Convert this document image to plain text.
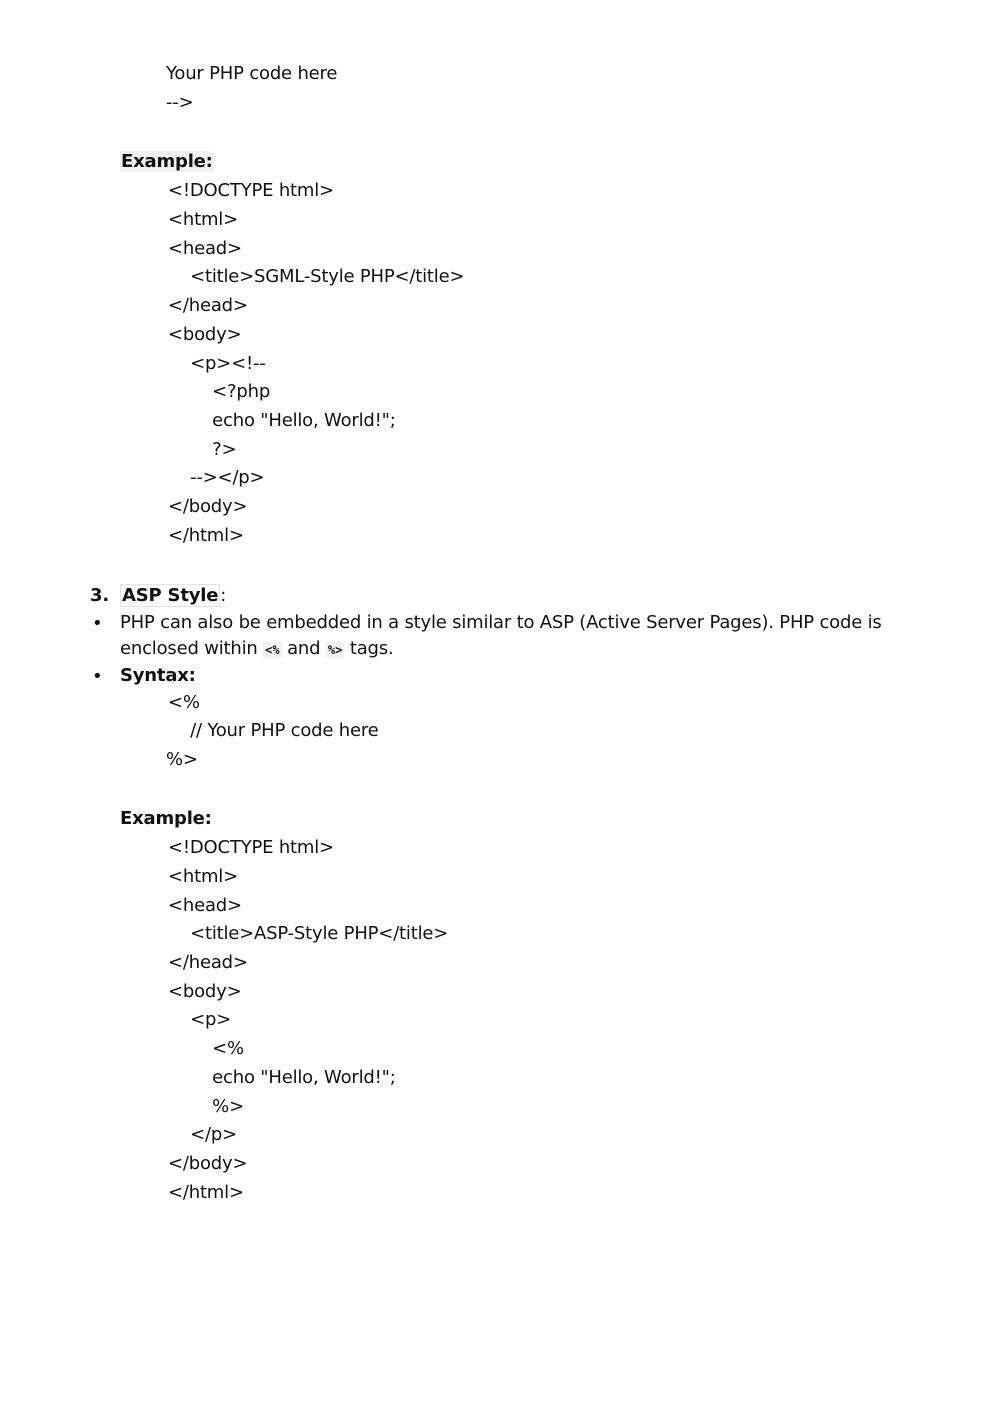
Your PHP code here
-->
Example:
<!DOCTYPE html>
<html>
<head>
<title>SGML-Style PHP</title>
</head>
<body>
<p><!--
<?php
echo "Hello, World!";
?>
--></p>
</body>
</html>
3. ASP Style :
• PHP can also be embedded in a style similar to ASP (Active Server Pages). PHP code is enclosed within <% and %> tags.
• Syntax:
<%
// Your PHP code here
%>
Example:
<!DOCTYPE html>
<html>
<head>
<title>ASP-Style PHP</title>
</head>
<body>
<p>
<%
echo "Hello, World!";
%>
</p>
</body>
</html>
